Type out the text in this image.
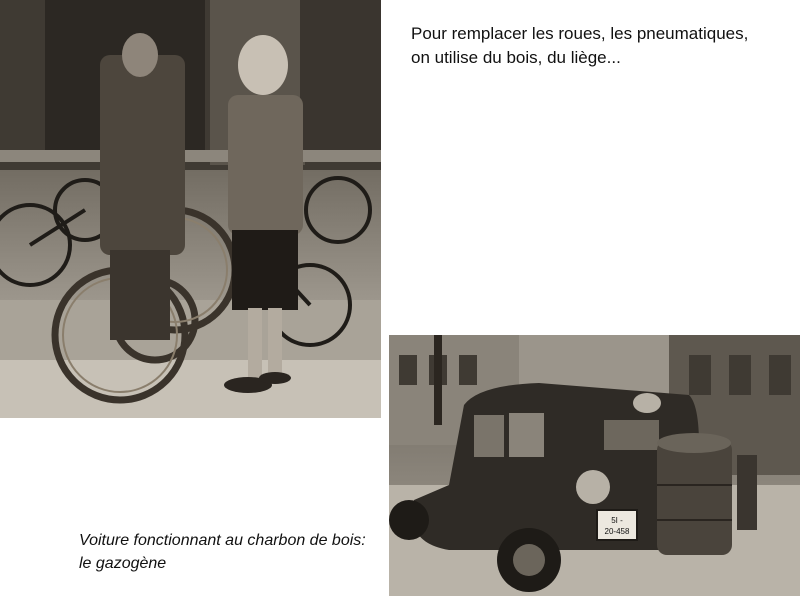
Pour remplacer les roues, les pneumatiques, on utilise du bois, du liège...

Voiture fonctionnant au charbon de bois: le gazogène

5I -
20-458
